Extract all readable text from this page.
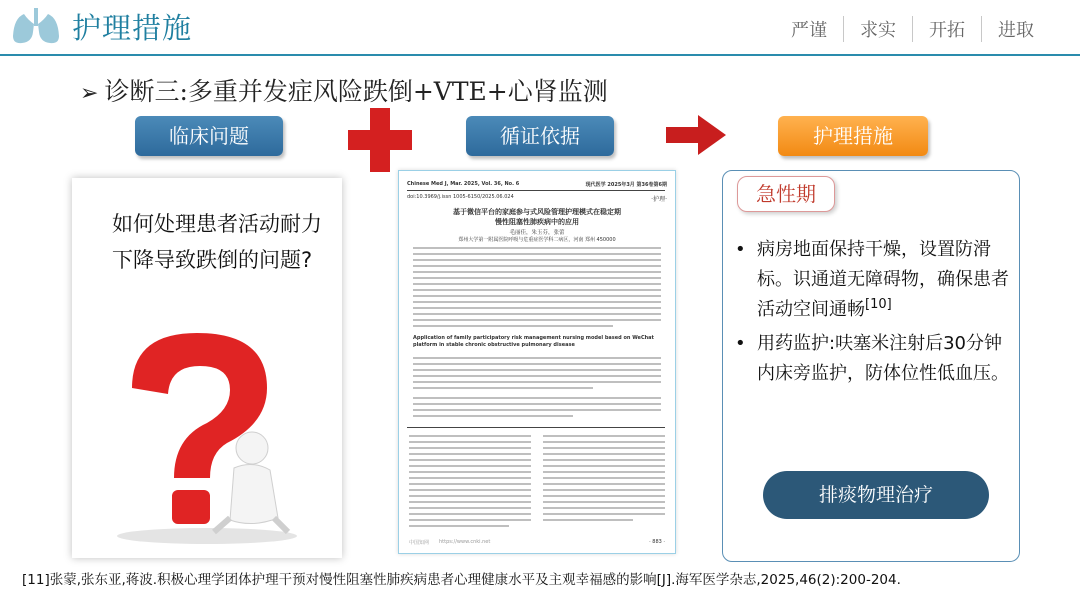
护理措施	严谨	求实	开拓	进取
➢ 诊断三:多重并发症风险跌倒+VTE+心肾监测
临床问题	循证依据	护理措施
如何处理患者活动耐力下降导致跌倒的问题?
Chinese Med J, Mar. 2025, Vol. 36, No. 6	现代医学 2025年3月 第36卷第6期
doi:10.3969/j.issn 1005-6150/2025.06.024	·护理·
基于微信平台的家庭参与式风险管理护理模式在稳定期
慢性阻塞性肺疾病中的应用
毛丽佳，朱玉芬，张蕾
郑州大学第一附属医院呼吸与危重症医学科二病区，河南 郑州 450000
Application of family participatory risk management nursing model based on WeChat platform in stable chronic obstructive pulmonary disease
中国知网 https://www.cnki.net	· 883 ·
急性期
• 病房地面保持干燥，设置防滑标。识通道无障碍物，确保患者活动空间通畅[10]
• 用药监护:呋塞米注射后30分钟内床旁监护，防体位性低血压。
排痰物理治疗
[11]张蒙,张东亚,蒋波.积极心理学团体护理干预对慢性阻塞性肺疾病患者心理健康水平及主观幸福感的影响[J].海军医学杂志,2025,46(2):200-204.
